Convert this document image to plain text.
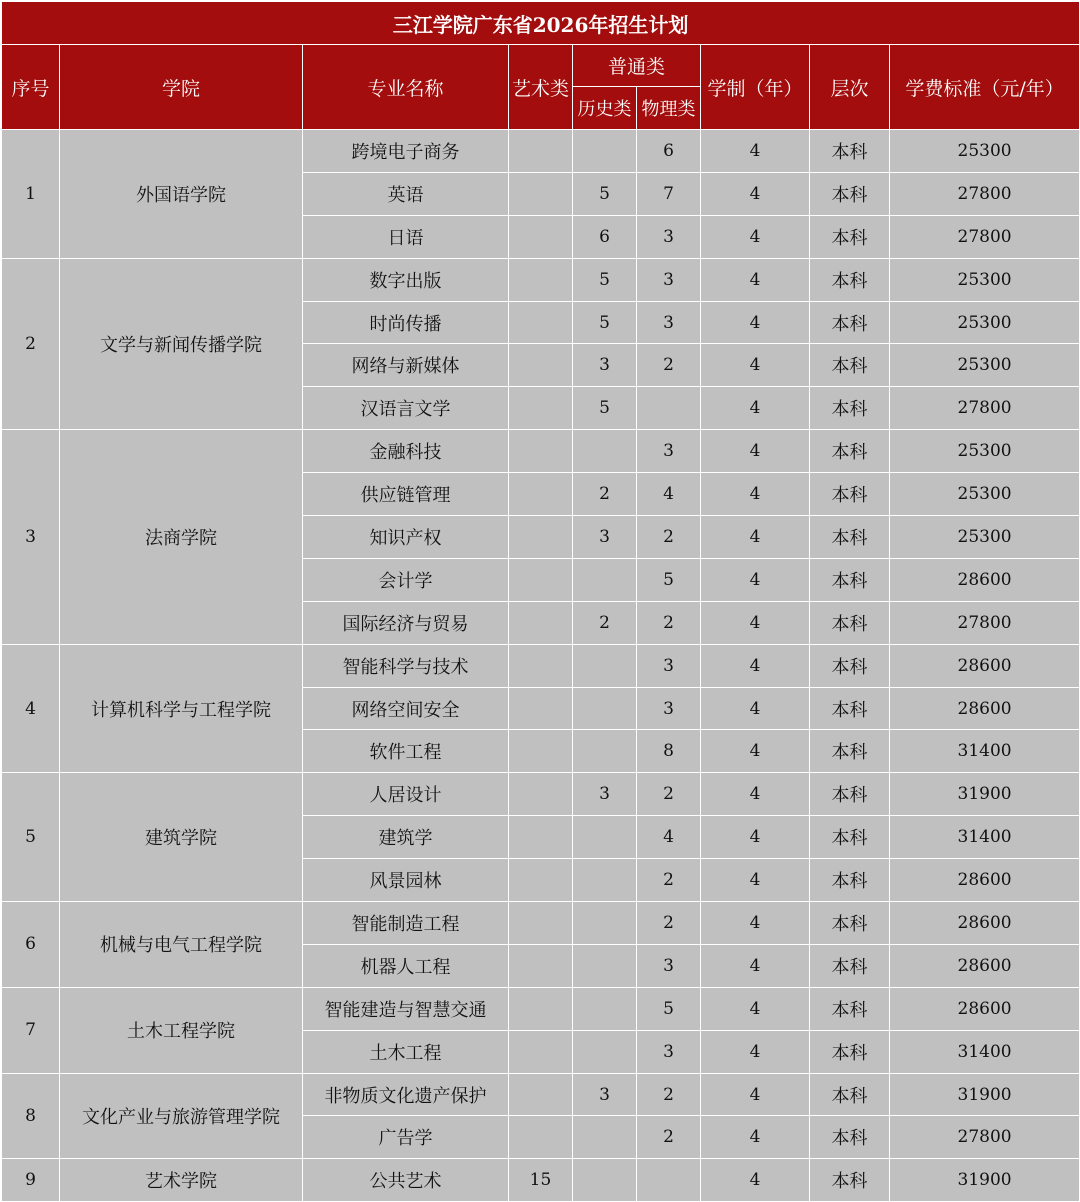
三江学院广东省2026年招生计划								
序号	学院	专业名称	艺术类	普通类		学制（年）	层次	学费标准（元/年）
				历史类	物理类			
1	外国语学院	跨境电子商务			6	4	本科	25300
		英语		5	7	4	本科	27800
		日语		6	3	4	本科	27800
2	文学与新闻传播学院	数字出版		5	3	4	本科	25300
		时尚传播		5	3	4	本科	25300
		网络与新媒体		3	2	4	本科	25300
		汉语言文学		5		4	本科	27800
3	法商学院	金融科技			3	4	本科	25300
		供应链管理		2	4	4	本科	25300
		知识产权		3	2	4	本科	25300
		会计学			5	4	本科	28600
		国际经济与贸易		2	2	4	本科	27800
4	计算机科学与工程学院	智能科学与技术			3	4	本科	28600
		网络空间安全			3	4	本科	28600
		软件工程			8	4	本科	31400
5	建筑学院	人居设计		3	2	4	本科	31900
		建筑学			4	4	本科	31400
		风景园林			2	4	本科	28600
6	机械与电气工程学院	智能制造工程			2	4	本科	28600
		机器人工程			3	4	本科	28600
7	土木工程学院	智能建造与智慧交通			5	4	本科	28600
		土木工程			3	4	本科	31400
8	文化产业与旅游管理学院	非物质文化遗产保护		3	2	4	本科	31900
		广告学			2	4	本科	27800
9	艺术学院	公共艺术	15			4	本科	31900
